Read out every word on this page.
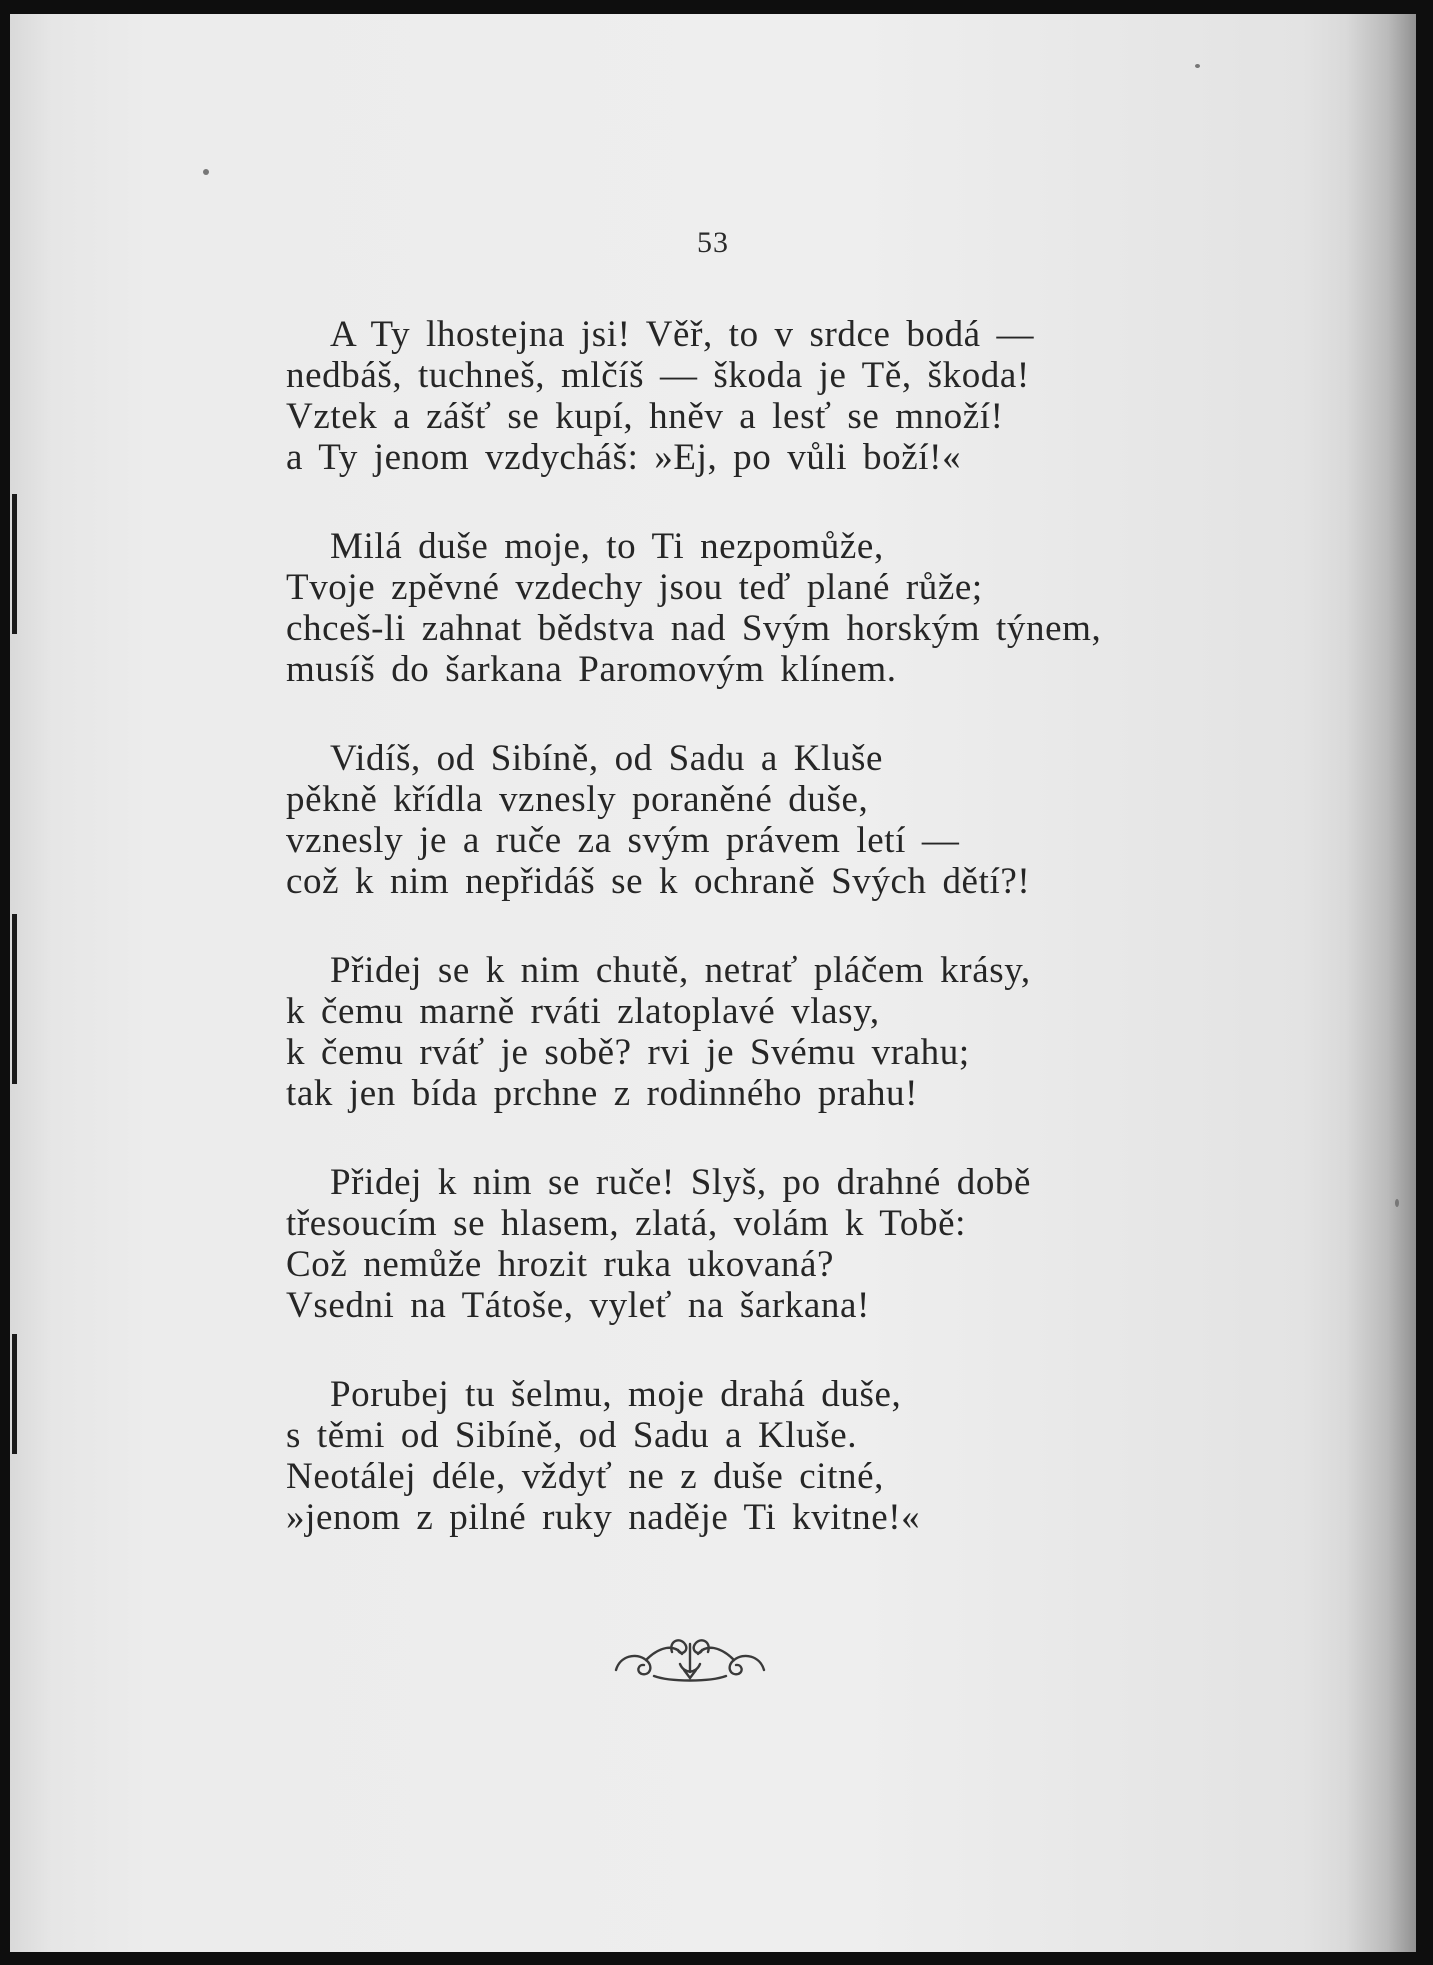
53
A Ty lhostejna jsi! Věř, to v srdce bodá —
nedbáš, tuchneš, mlčíš — škoda je Tě, škoda!
Vztek a zášť se kupí, hněv a lesť se množí!
a Ty jenom vzdycháš: »Ej, po vůli boží!«
Milá duše moje, to Ti nezpomůže,
Tvoje zpěvné vzdechy jsou teď plané růže;
chceš-li zahnat bědstva nad Svým horským týnem,
musíš do šarkana Paromovým klínem.
Vidíš, od Sibíně, od Sadu a Kluše
pěkně křídla vznesly poraněné duše,
vznesly je a ruče za svým právem letí —
což k nim nepřidáš se k ochraně Svých dětí?!
Přidej se k nim chutě, netrať pláčem krásy,
k čemu marně rváti zlatoplavé vlasy,
k čemu rváť je sobě? rvi je Svému vrahu;
tak jen bída prchne z rodinného prahu!
Přidej k nim se ruče! Slyš, po drahné době
třesoucím se hlasem, zlatá, volám k Tobě:
Což nemůže hrozit ruka ukovaná?
Vsedni na Tátoše, vyleť na šarkana!
Porubej tu šelmu, moje drahá duše,
s těmi od Sibíně, od Sadu a Kluše.
Neotálej déle, vždyť ne z duše citné,
»jenom z pilné ruky naděje Ti kvitne!«
